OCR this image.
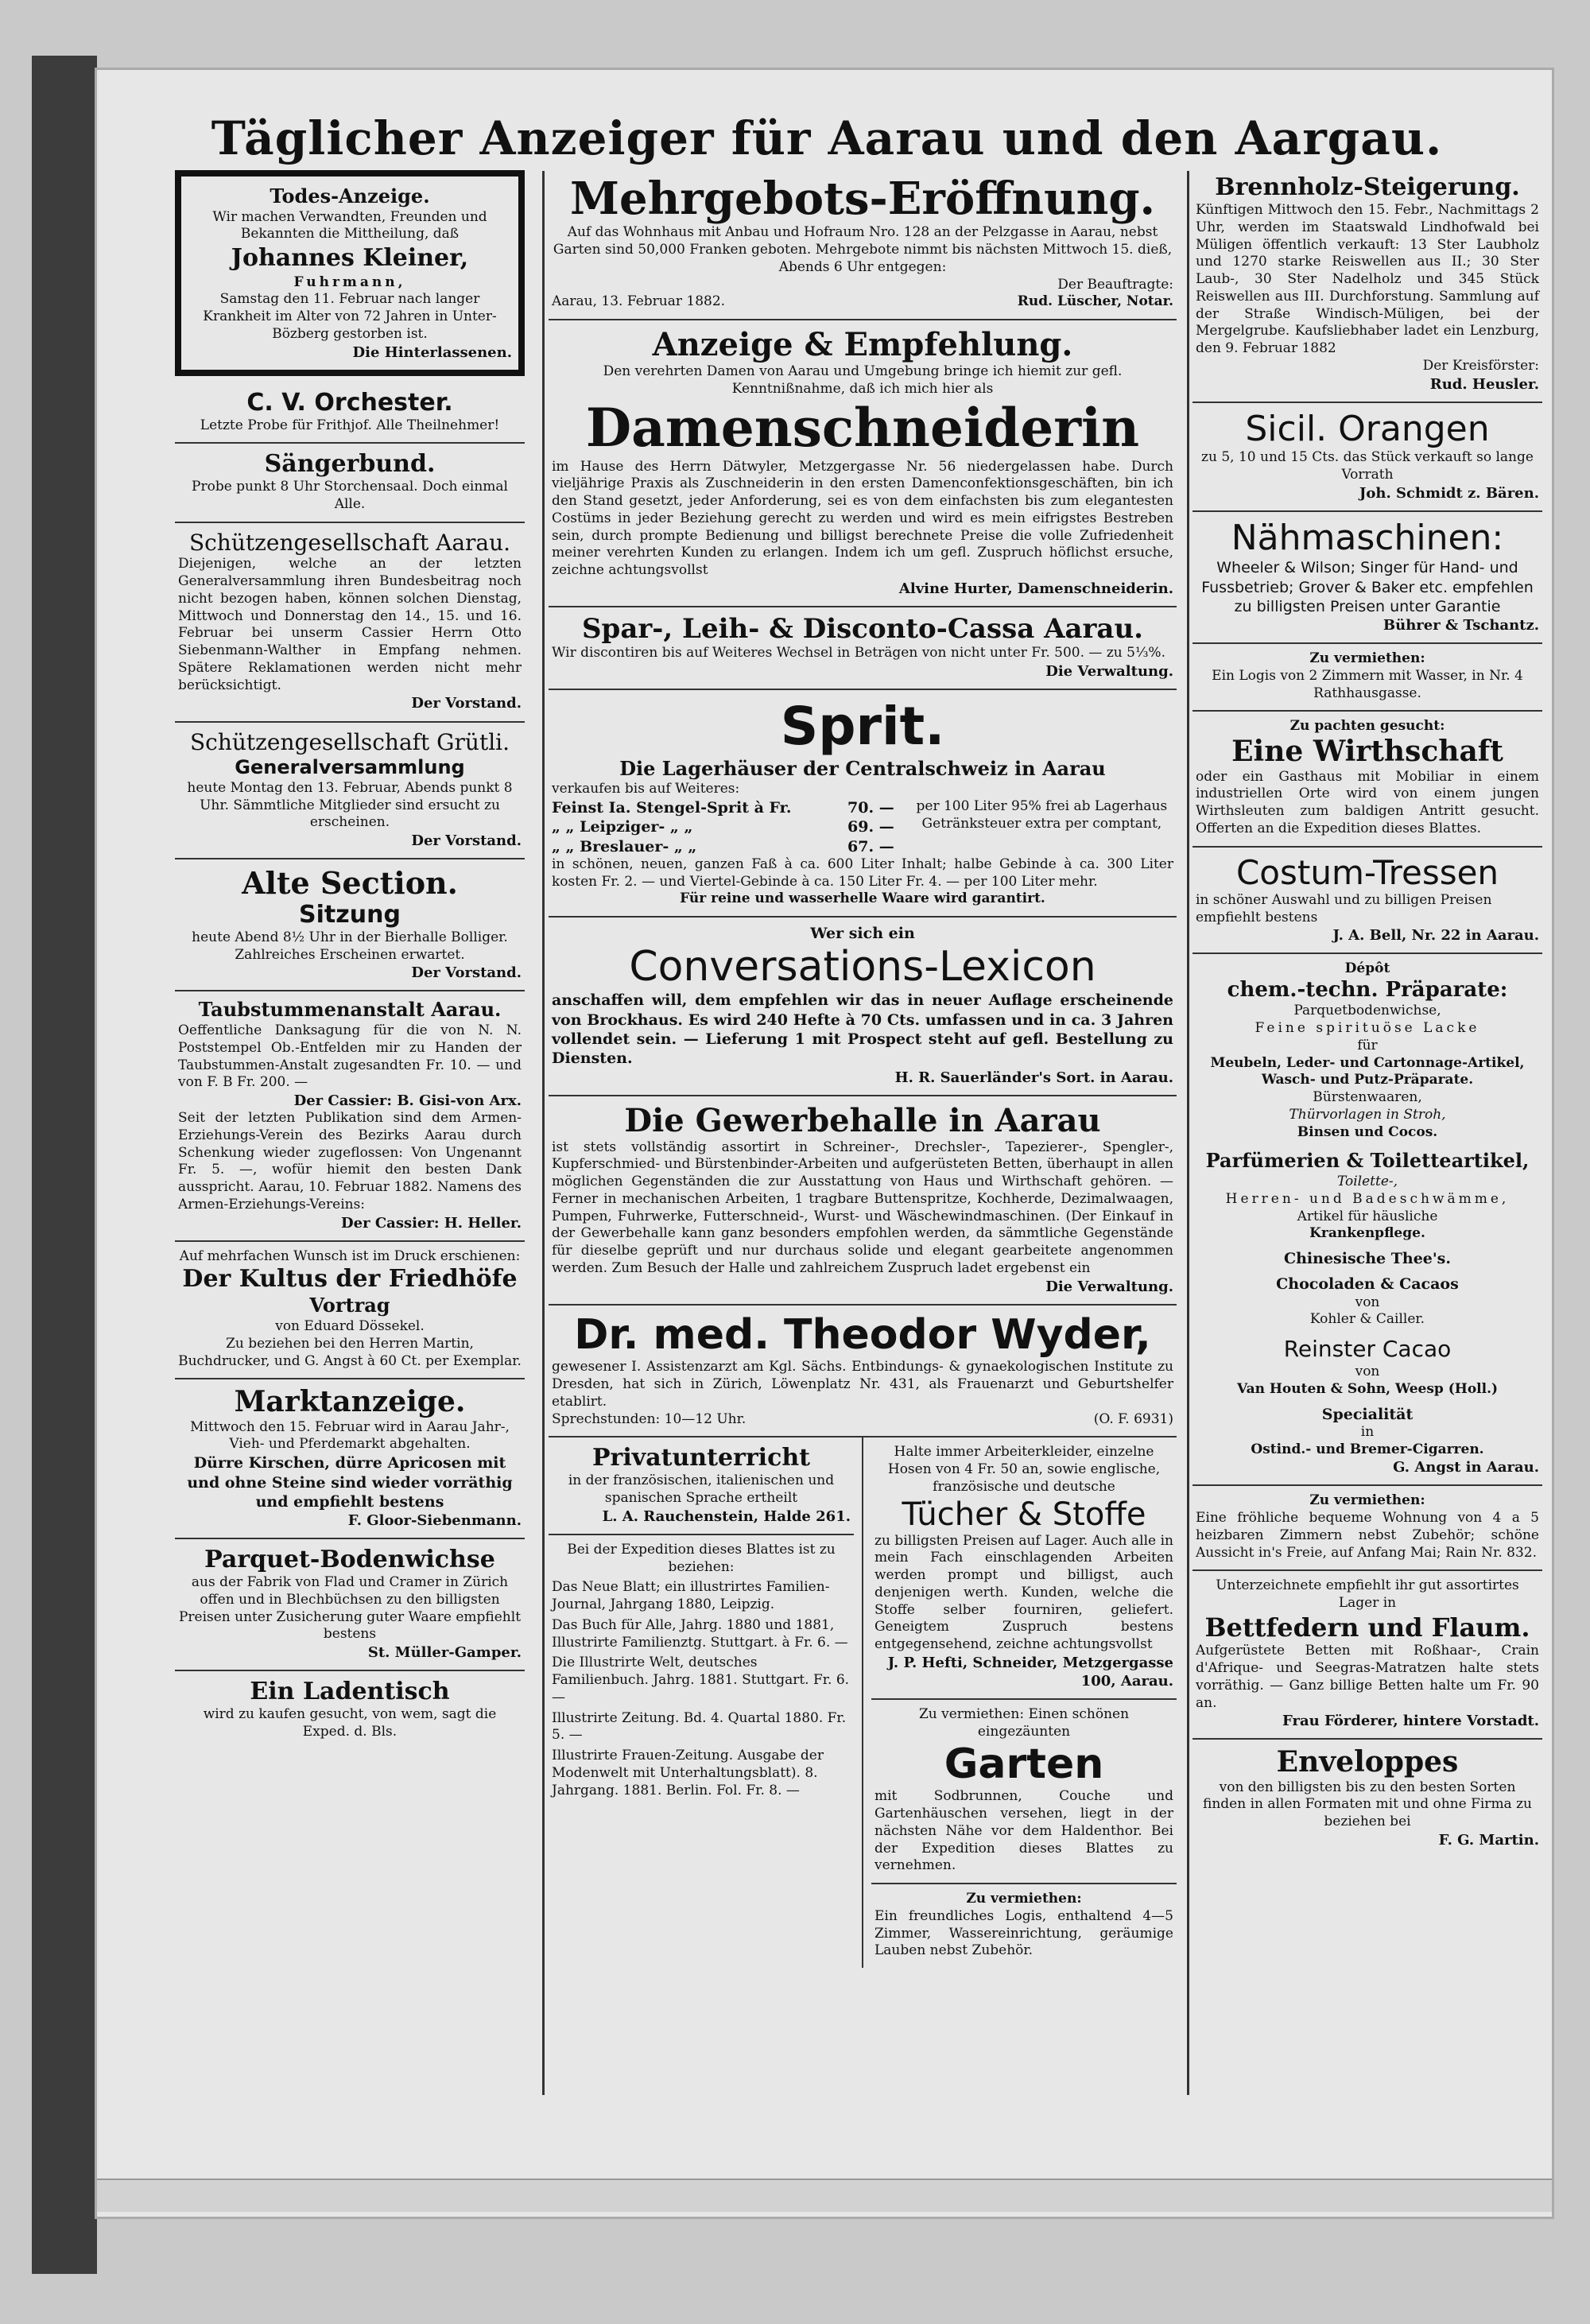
Täglicher Anzeiger für Aarau und den Aargau.
Todes-Anzeige.
Wir machen Verwandten, Freunden und Bekannten die Mittheilung, daß
Johannes Kleiner,
Fuhrmann,
Samstag den 11. Februar nach langer Krankheit im Alter von 72 Jahren in Unter-Bözberg gestorben ist.
Die Hinterlassenen.
C. V. Orchester.
Letzte Probe für Frithjof. Alle Theilnehmer!
Sängerbund.
Probe punkt 8 Uhr Storchensaal. Doch einmal Alle.
Schützengesellschaft Aarau.
Diejenigen, welche an der letzten Generalversammlung ihren Bundesbeitrag noch nicht bezogen haben, können solchen Dienstag, Mittwoch und Donnerstag den 14., 15. und 16. Februar bei unserm Cassier Herrn Otto Siebenmann-Walther in Empfang nehmen. Spätere Reklamationen werden nicht mehr berücksichtigt.
Der Vorstand.
Schützengesellschaft Grütli.
Generalversammlung
heute Montag den 13. Februar, Abends punkt 8 Uhr. Sämmtliche Mitglieder sind ersucht zu erscheinen.
Der Vorstand.
Alte Section.
Sitzung
heute Abend 8½ Uhr in der Bierhalle Bolliger. Zahlreiches Erscheinen erwartet.
Der Vorstand.
Taubstummenanstalt Aarau.
Oeffentliche Danksagung für die von N. N. Poststempel Ob.-Entfelden mir zu Handen der Taubstummen-Anstalt zugesandten Fr. 10. — und von F. B Fr. 200. —
Der Cassier: B. Gisi-von Arx.
Seit der letzten Publikation sind dem Armen-Erziehungs-Verein des Bezirks Aarau durch Schenkung wieder zugeflossen: Von Ungenannt Fr. 5. —, wofür hiemit den besten Dank ausspricht. Aarau, 10. Februar 1882. Namens des Armen-Erziehungs-Vereins:
Der Cassier: H. Heller.
Auf mehrfachen Wunsch ist im Druck erschienen:
Der Kultus der Friedhöfe
Vortrag
von Eduard Dössekel.
Zu beziehen bei den Herren Martin, Buchdrucker, und G. Angst à 60 Ct. per Exemplar.
Marktanzeige.
Mittwoch den 15. Februar wird in Aarau Jahr-, Vieh- und Pferdemarkt abgehalten.
Dürre Kirschen, dürre Apricosen mit und ohne Steine sind wieder vorräthig und empfiehlt bestens
F. Gloor-Siebenmann.
Parquet-Bodenwichse
aus der Fabrik von Flad und Cramer in Zürich offen und in Blechbüchsen zu den billigsten Preisen unter Zusicherung guter Waare empfiehlt bestens
St. Müller-Gamper.
Ein Ladentisch
wird zu kaufen gesucht, von wem, sagt die Exped. d. Bls.
Mehrgebots-Eröffnung.
Auf das Wohnhaus mit Anbau und Hofraum Nro. 128 an der Pelzgasse in Aarau, nebst Garten sind 50,000 Franken geboten. Mehrgebote nimmt bis nächsten Mittwoch 15. dieß, Abends 6 Uhr entgegen:
Der Beauftragte:
Aarau, 13. Februar 1882.	Rud. Lüscher, Notar.
Anzeige & Empfehlung.
Den verehrten Damen von Aarau und Umgebung bringe ich hiemit zur gefl. Kenntnißnahme, daß ich mich hier als
Damenschneiderin
im Hause des Herrn Dätwyler, Metzgergasse Nr. 56 niedergelassen habe. Durch vieljährige Praxis als Zuschneiderin in den ersten Damenconfektionsgeschäften, bin ich den Stand gesetzt, jeder Anforderung, sei es von dem einfachsten bis zum elegantesten Costüms in jeder Beziehung gerecht zu werden und wird es mein eifrigstes Bestreben sein, durch prompte Bedienung und billigst berechnete Preise die volle Zufriedenheit meiner verehrten Kunden zu erlangen. Indem ich um gefl. Zuspruch höflichst ersuche, zeichne achtungsvollst
Alvine Hurter, Damenschneiderin.
Spar-, Leih- & Disconto-Cassa Aarau.
Wir discontiren bis auf Weiteres Wechsel in Beträgen von nicht unter Fr. 500. — zu 5⅓%.
Die Verwaltung.
Sprit.
Die Lagerhäuser der Centralschweiz in Aarau
verkaufen bis auf Weiteres:
Feinst Ia. Stengel-Sprit à Fr.	70. —
„ „ Leipziger- „ „	69. —
„ „ Breslauer- „ „	67. —
per 100 Liter 95% frei ab Lagerhaus Getränksteuer extra per comptant,
in schönen, neuen, ganzen Faß à ca. 600 Liter Inhalt; halbe Gebinde à ca. 300 Liter kosten Fr. 2. — und Viertel-Gebinde à ca. 150 Liter Fr. 4. — per 100 Liter mehr.
Für reine und wasserhelle Waare wird garantirt.
Wer sich ein
Conversations-Lexicon
anschaffen will, dem empfehlen wir das in neuer Auflage erscheinende von Brockhaus. Es wird 240 Hefte à 70 Cts. umfassen und in ca. 3 Jahren vollendet sein. — Lieferung 1 mit Prospect steht auf gefl. Bestellung zu Diensten.
H. R. Sauerländer's Sort. in Aarau.
Die Gewerbehalle in Aarau
ist stets vollständig assortirt in Schreiner-, Drechsler-, Tapezierer-, Spengler-, Kupferschmied- und Bürstenbinder-Arbeiten und aufgerüsteten Betten, überhaupt in allen möglichen Gegenständen die zur Ausstattung von Haus und Wirthschaft gehören. — Ferner in mechanischen Arbeiten, 1 tragbare Buttenspritze, Kochherde, Dezimalwaagen, Pumpen, Fuhrwerke, Futterschneid-, Wurst- und Wäschewindmaschinen. (Der Einkauf in der Gewerbehalle kann ganz besonders empfohlen werden, da sämmtliche Gegenstände für dieselbe geprüft und nur durchaus solide und elegant gearbeitete angenommen werden. Zum Besuch der Halle und zahlreichem Zuspruch ladet ergebenst ein
Die Verwaltung.
Dr. med. Theodor Wyder,
gewesener I. Assistenzarzt am Kgl. Sächs. Entbindungs- & gynaekologischen Institute zu Dresden, hat sich in Zürich, Löwenplatz Nr. 431, als Frauenarzt und Geburtshelfer etablirt.
Sprechstunden: 10—12 Uhr.	(O. F. 6931)
Privatunterricht
in der französischen, italienischen und spanischen Sprache ertheilt
L. A. Rauchenstein, Halde 261.
Bei der Expedition dieses Blattes ist zu beziehen:
Das Neue Blatt; ein illustrirtes Familien-Journal, Jahrgang 1880, Leipzig.
Das Buch für Alle, Jahrg. 1880 und 1881, Illustrirte Familienztg. Stuttgart. à Fr. 6. —
Die Illustrirte Welt, deutsches Familienbuch. Jahrg. 1881. Stuttgart. Fr. 6. —
Illustrirte Zeitung. Bd. 4. Quartal 1880. Fr. 5. —
Illustrirte Frauen-Zeitung. Ausgabe der Modenwelt mit Unterhaltungsblatt). 8. Jahrgang. 1881. Berlin. Fol. Fr. 8. —
Halte immer Arbeiterkleider, einzelne Hosen von 4 Fr. 50 an, sowie englische, französische und deutsche
Tücher & Stoffe
zu billigsten Preisen auf Lager. Auch alle in mein Fach einschlagenden Arbeiten werden prompt und billigst, auch denjenigen werth. Kunden, welche die Stoffe selber fourniren, geliefert. Geneigtem Zuspruch bestens entgegensehend, zeichne achtungsvollst
J. P. Hefti, Schneider, Metzgergasse 100, Aarau.
Zu vermiethen: Einen schönen eingezäunten
Garten
mit Sodbrunnen, Couche und Gartenhäuschen versehen, liegt in der nächsten Nähe vor dem Haldenthor. Bei der Expedition dieses Blattes zu vernehmen.
Zu vermiethen:
Ein freundliches Logis, enthaltend 4—5 Zimmer, Wassereinrichtung, geräumige Lauben nebst Zubehör.
Brennholz-Steigerung.
Künftigen Mittwoch den 15. Febr., Nachmittags 2 Uhr, werden im Staatswald Lindhofwald bei Müligen öffentlich verkauft: 13 Ster Laubholz und 1270 starke Reiswellen aus II.; 30 Ster Laub-, 30 Ster Nadelholz und 345 Stück Reiswellen aus III. Durchforstung. Sammlung auf der Straße Windisch-Müligen, bei der Mergelgrube. Kaufsliebhaber ladet ein Lenzburg, den 9. Februar 1882
Der Kreisförster:
Rud. Heusler.
Sicil. Orangen
zu 5, 10 und 15 Cts. das Stück verkauft so lange Vorrath
Joh. Schmidt z. Bären.
Nähmaschinen:
Wheeler & Wilson; Singer für Hand- und Fussbetrieb; Grover & Baker etc. empfehlen zu billigsten Preisen unter Garantie
Bührer & Tschantz.
Zu vermiethen:
Ein Logis von 2 Zimmern mit Wasser, in Nr. 4 Rathhausgasse.
Zu pachten gesucht:
Eine Wirthschaft
oder ein Gasthaus mit Mobiliar in einem industriellen Orte wird von einem jungen Wirthsleuten zum baldigen Antritt gesucht. Offerten an die Expedition dieses Blattes.
Costum-Tressen
in schöner Auswahl und zu billigen Preisen empfiehlt bestens
J. A. Bell, Nr. 22 in Aarau.
Dépôt
chem.-techn. Präparate:
Parquetbodenwichse,
Feine spirituöse Lacke
für
Meubeln, Leder- und Cartonnage-Artikel,
Wasch- und Putz-Präparate.
Bürstenwaaren,
Thürvorlagen in Stroh,
Binsen und Cocos.
Parfümerien & Toiletteartikel,
Toilette-,
Herren- und Badeschwämme,
Artikel für häusliche
Krankenpflege.
Chinesische Thee's.
Chocoladen & Cacaos
von
Kohler & Cailler.
Reinster Cacao
von
Van Houten & Sohn, Weesp (Holl.)
Specialität
in
Ostind.- und Bremer-Cigarren.
G. Angst in Aarau.
Zu vermiethen:
Eine fröhliche bequeme Wohnung von 4 a 5 heizbaren Zimmern nebst Zubehör; schöne Aussicht in's Freie, auf Anfang Mai; Rain Nr. 832.
Unterzeichnete empfiehlt ihr gut assortirtes Lager in
Bettfedern und Flaum.
Aufgerüstete Betten mit Roßhaar-, Crain d'Afrique- und Seegras-Matratzen halte stets vorräthig. — Ganz billige Betten halte um Fr. 90 an.
Frau Förderer, hintere Vorstadt.
Enveloppes
von den billigsten bis zu den besten Sorten finden in allen Formaten mit und ohne Firma zu beziehen bei
F. G. Martin.
